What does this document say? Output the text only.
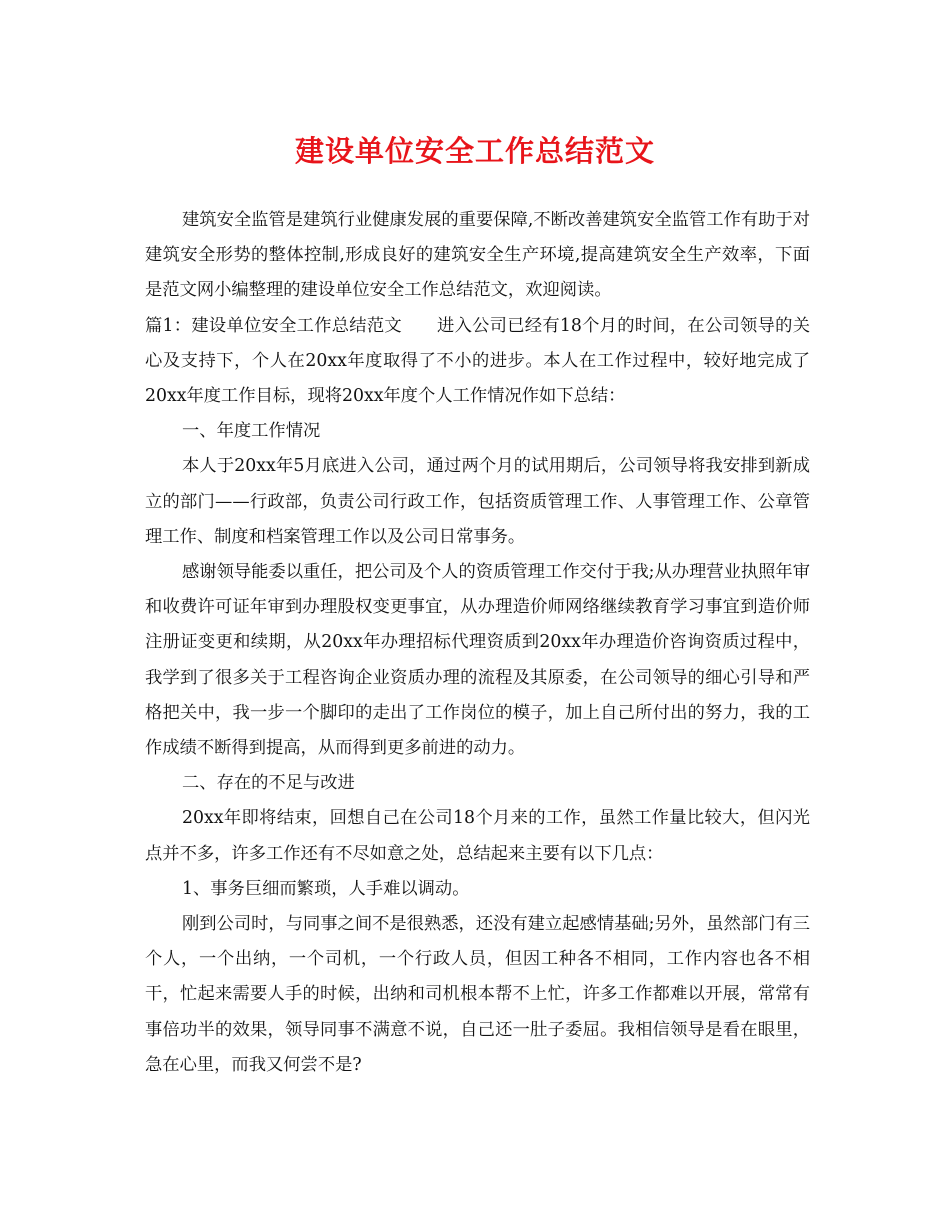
建设单位安全工作总结范文

建筑安全监管是建筑行业健康发展的重要保障,不断改善建筑安全监管工作有助于对建筑安全形势的整体控制,形成良好的建筑安全生产环境,提高建筑安全生产效率，下面是范文网小编整理的建设单位安全工作总结范文，欢迎阅读。

篇1：建设单位安全工作总结范文　　进入公司已经有18个月的时间，在公司领导的关心及支持下，个人在20xx年度取得了不小的进步。本人在工作过程中，较好地完成了20xx年度工作目标，现将20xx年度个人工作情况作如下总结：

一、年度工作情况

本人于20xx年5月底进入公司，通过两个月的试用期后，公司领导将我安排到新成立的部门——行政部，负责公司行政工作，包括资质管理工作、人事管理工作、公章管理工作、制度和档案管理工作以及公司日常事务。

感谢领导能委以重任，把公司及个人的资质管理工作交付于我;从办理营业执照年审和收费许可证年审到办理股权变更事宜，从办理造价师网络继续教育学习事宜到造价师注册证变更和续期，从20xx年办理招标代理资质到20xx年办理造价咨询资质过程中，我学到了很多关于工程咨询企业资质办理的流程及其原委，在公司领导的细心引导和严格把关中，我一步一个脚印的走出了工作岗位的模子，加上自己所付出的努力，我的工作成绩不断得到提高，从而得到更多前进的动力。

二、存在的不足与改进

20xx年即将结束，回想自己在公司18个月来的工作，虽然工作量比较大，但闪光点并不多，许多工作还有不尽如意之处，总结起来主要有以下几点：

1、事务巨细而繁琐，人手难以调动。

刚到公司时，与同事之间不是很熟悉，还没有建立起感情基础;另外，虽然部门有三个人，一个出纳，一个司机，一个行政人员，但因工种各不相同，工作内容也各不相干，忙起来需要人手的时候，出纳和司机根本帮不上忙，许多工作都难以开展，常常有事倍功半的效果，领导同事不满意不说，自己还一肚子委屈。我相信领导是看在眼里，急在心里，而我又何尝不是?
